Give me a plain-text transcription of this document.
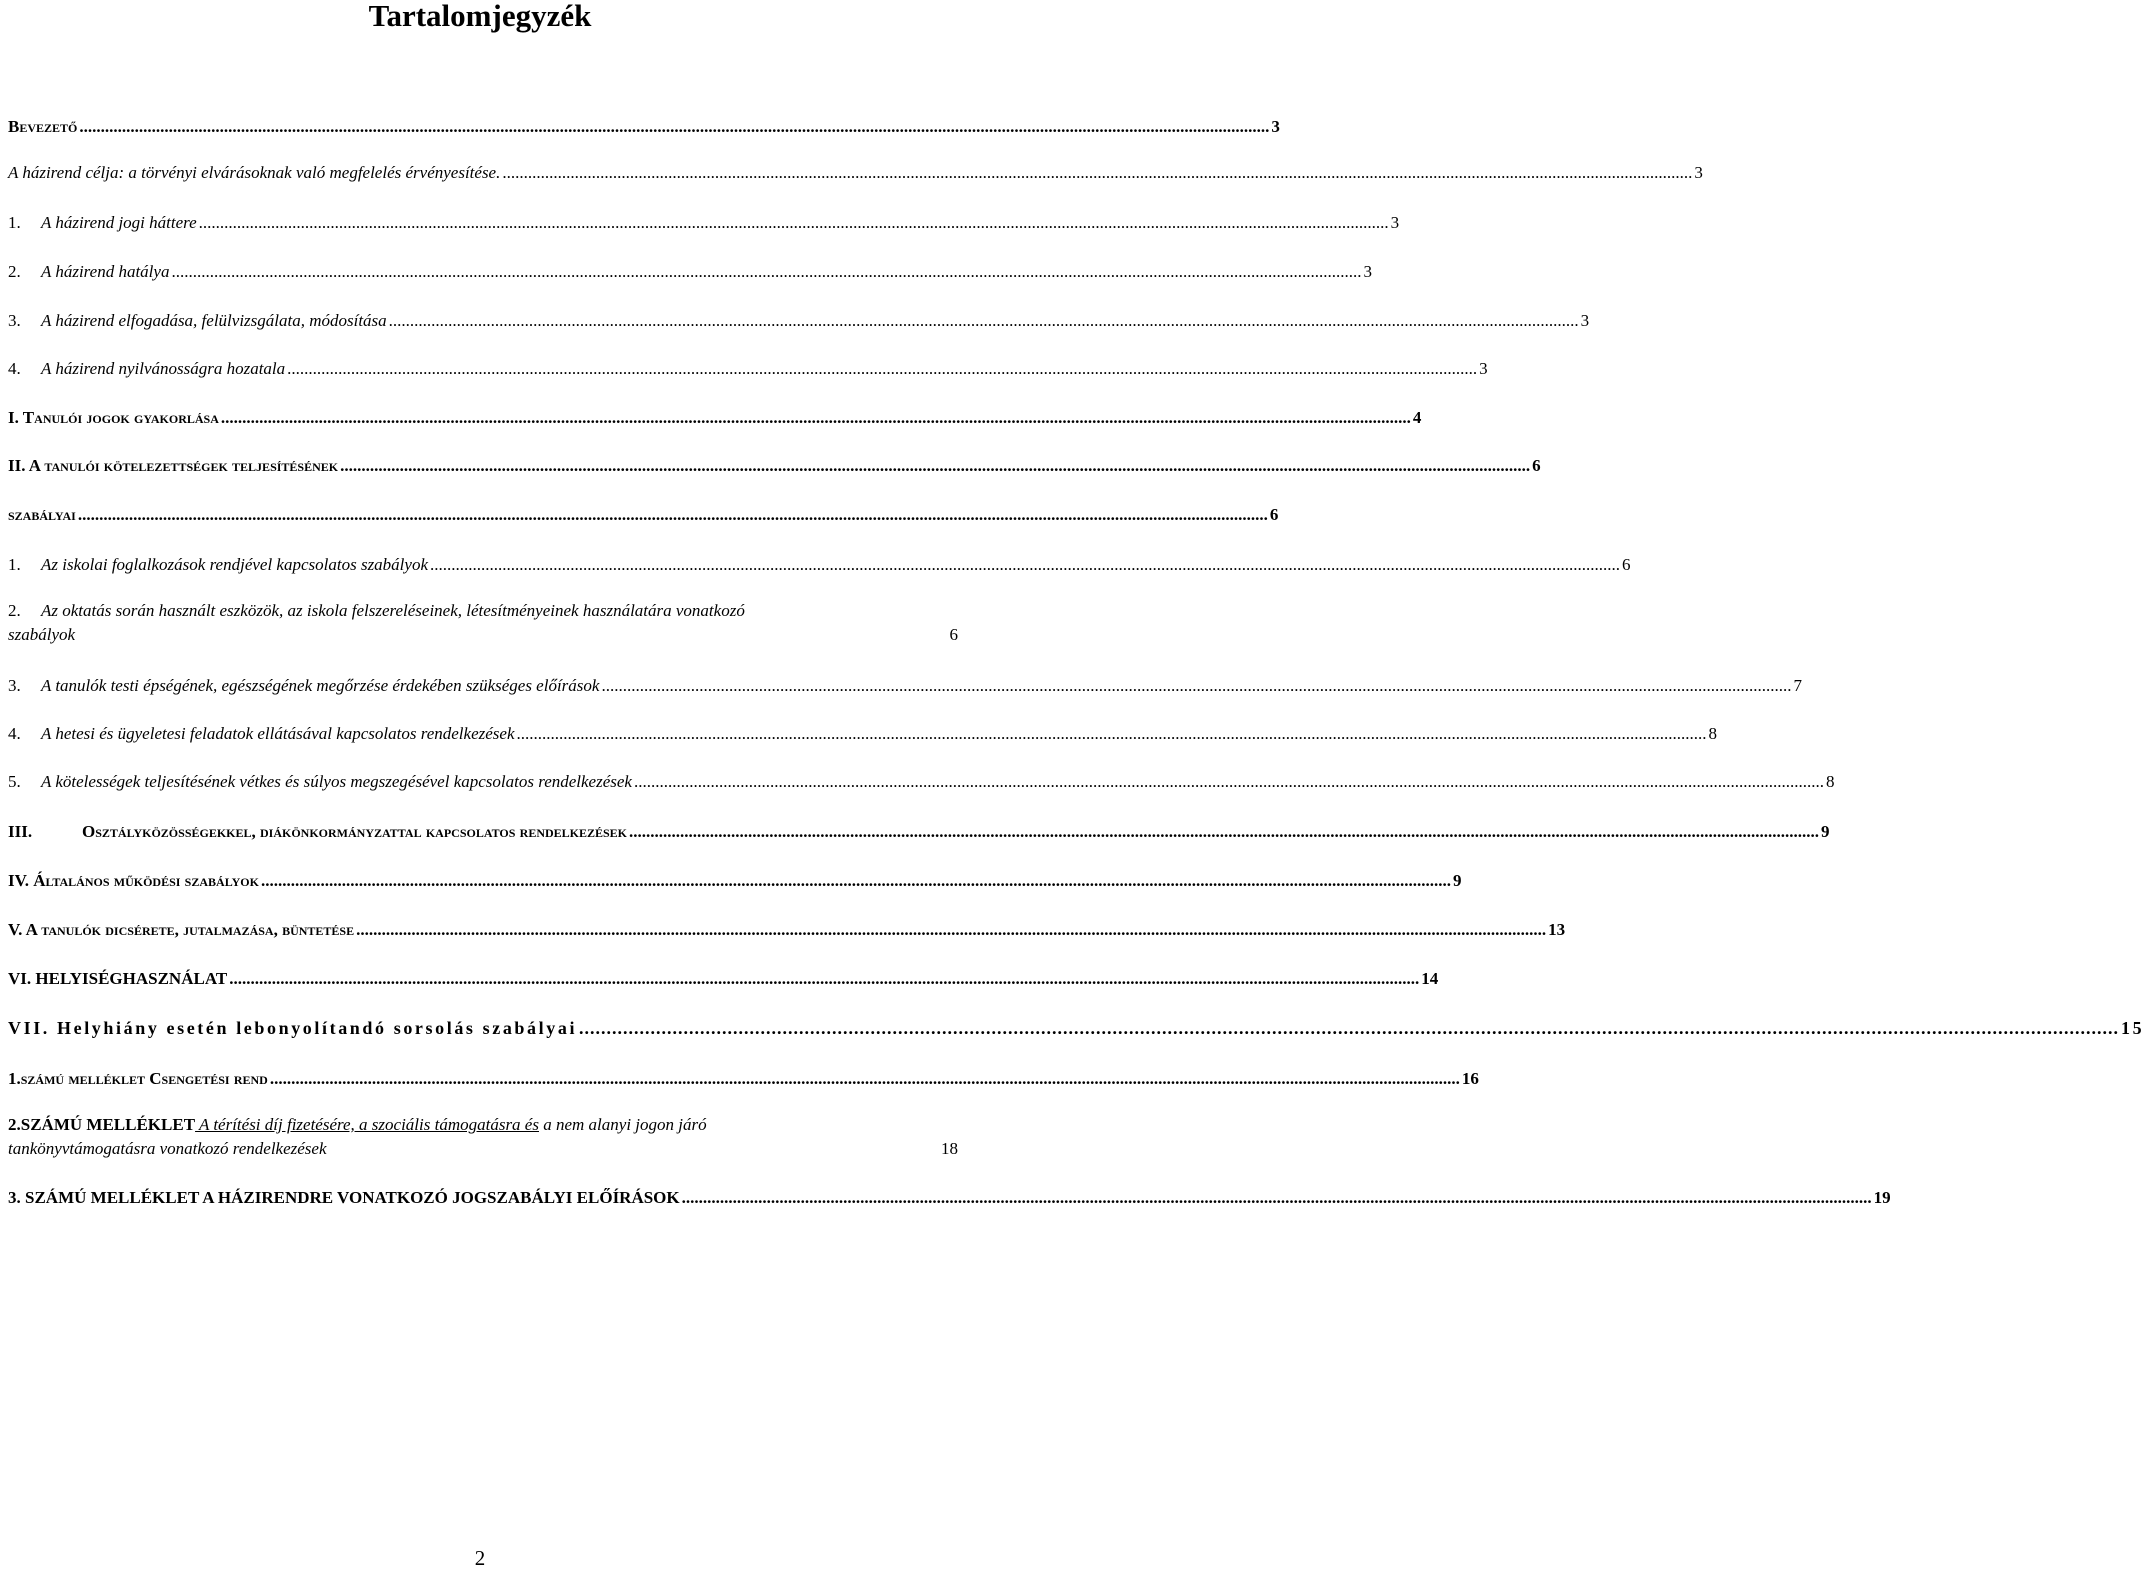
Tartalomjegyzék
Bevezető .....	3
A házirend célja: a törvényi elvárásoknak való megfelelés érvényesítése. .....	3
1. A házirend jogi háttere .....	3
2. A házirend hatálya .....	3
3. A házirend elfogadása, felülvizsgálata, módosítása .....	3
4. A házirend nyilvánosságra hozatala .....	3
I. Tanulói jogok gyakorlása .....	4
II. A tanulói kötelezettségek teljesítésének .....	6
szabályai .....	6
1. Az iskolai foglalkozások rendjével kapcsolatos szabályok .....	6
2. Az oktatás során használt eszközök, az iskola felszereléseinek, létesítményeinek használatára vonatkozó
szabályok	6
3. A tanulók testi épségének, egészségének megőrzése érdekében szükséges előírások .....	7
4. A hetesi és ügyeletesi feladatok ellátásával kapcsolatos rendelkezések .....	8
5. A kötelességek teljesítésének vétkes és súlyos megszegésével kapcsolatos rendelkezések .....	8
III.	Osztályközösségekkel, diákönkormányzattal kapcsolatos rendelkezések .....	9
IV. Általános működési szabályok .....	9
V. A tanulók dicsérete, jutalmazása, büntetése .....	13
VI. HELYISÉGHASZNÁLAT .....	14
VII. Helyhiány esetén lebonyolítandó sorsolás szabályai .....	15
1.számú melléklet Csengetési rend .....	16
2.SZÁMÚ MELLÉKLET A térítési díj fizetésére, a szociális támogatásra és a nem alanyi jogon járó
tankönyvtámogatásra vonatkozó rendelkezések	18
3. SZÁMÚ MELLÉKLET A HÁZIRENDRE VONATKOZÓ JOGSZABÁLYI ELŐÍRÁSOK .....	19
2
